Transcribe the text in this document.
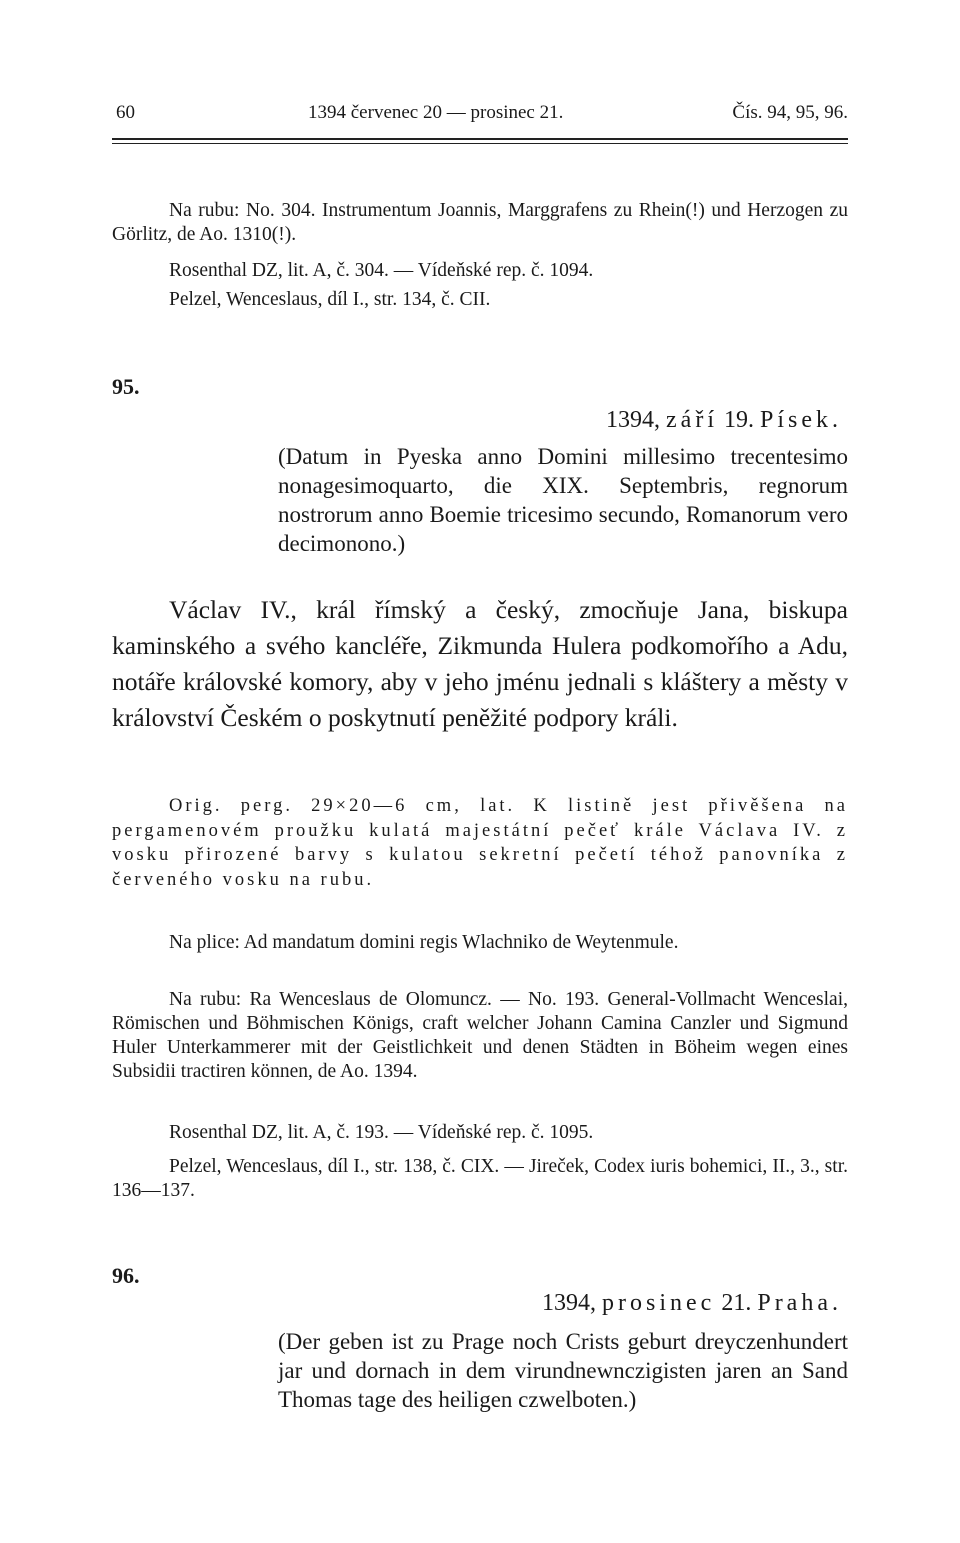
60	1394 červenec 20 — prosinec 21.	Čís. 94, 95, 96.
Na rubu: No. 304. Instrumentum Joannis, Marggrafens zu Rhein(!) und Herzogen zu Görlitz, de Ao. 1310(!).
Rosenthal DZ, lit. A, č. 304. — Vídeňské rep. č. 1094.
Pelzel, Wenceslaus, díl I., str. 134, č. CII.
95.
1394, září 19. Písek.
(Datum in Pyeska anno Domini millesimo trecentesimo nonagesimoquarto, die XIX. Septembris, regnorum nostrorum anno Boemie tricesimo secundo, Romanorum vero decimonono.)
Václav IV., král římský a český, zmocňuje Jana, biskupa kaminského a svého kancléře, Zikmunda Hulera podkomořího a Adu, notáře královské komory, aby v jeho jménu jednali s kláštery a městy v království Českém o poskytnutí peněžité podpory králi.
Orig. perg. 29×20—6 cm, lat. K listině jest přivěšena na pergamenovém proužku kulatá majestátní pečeť krále Václava IV. z vosku přirozené barvy s kulatou sekretní pečetí téhož panovníka z červeného vosku na rubu.
Na plice: Ad mandatum domini regis Wlachniko de Weytenmule.
Na rubu: Ra Wenceslaus de Olomuncz. — No. 193. General-Vollmacht Wenceslai, Römischen und Böhmischen Königs, craft welcher Johann Camina Canzler und Sigmund Huler Unterkammerer mit der Geistlichkeit und denen Städten in Böheim wegen eines Subsidii tractiren können, de Ao. 1394.
Rosenthal DZ, lit. A, č. 193. — Vídeňské rep. č. 1095.
Pelzel, Wenceslaus, díl I., str. 138, č. CIX. — Jireček, Codex iuris bohemici, II., 3., str. 136—137.
96.
1394, prosinec 21. Praha.
(Der geben ist zu Prage noch Crists geburt dreyczenhundert jar und dornach in dem virundnewnczigisten jaren an Sand Thomas tage des heiligen czwelboten.)
